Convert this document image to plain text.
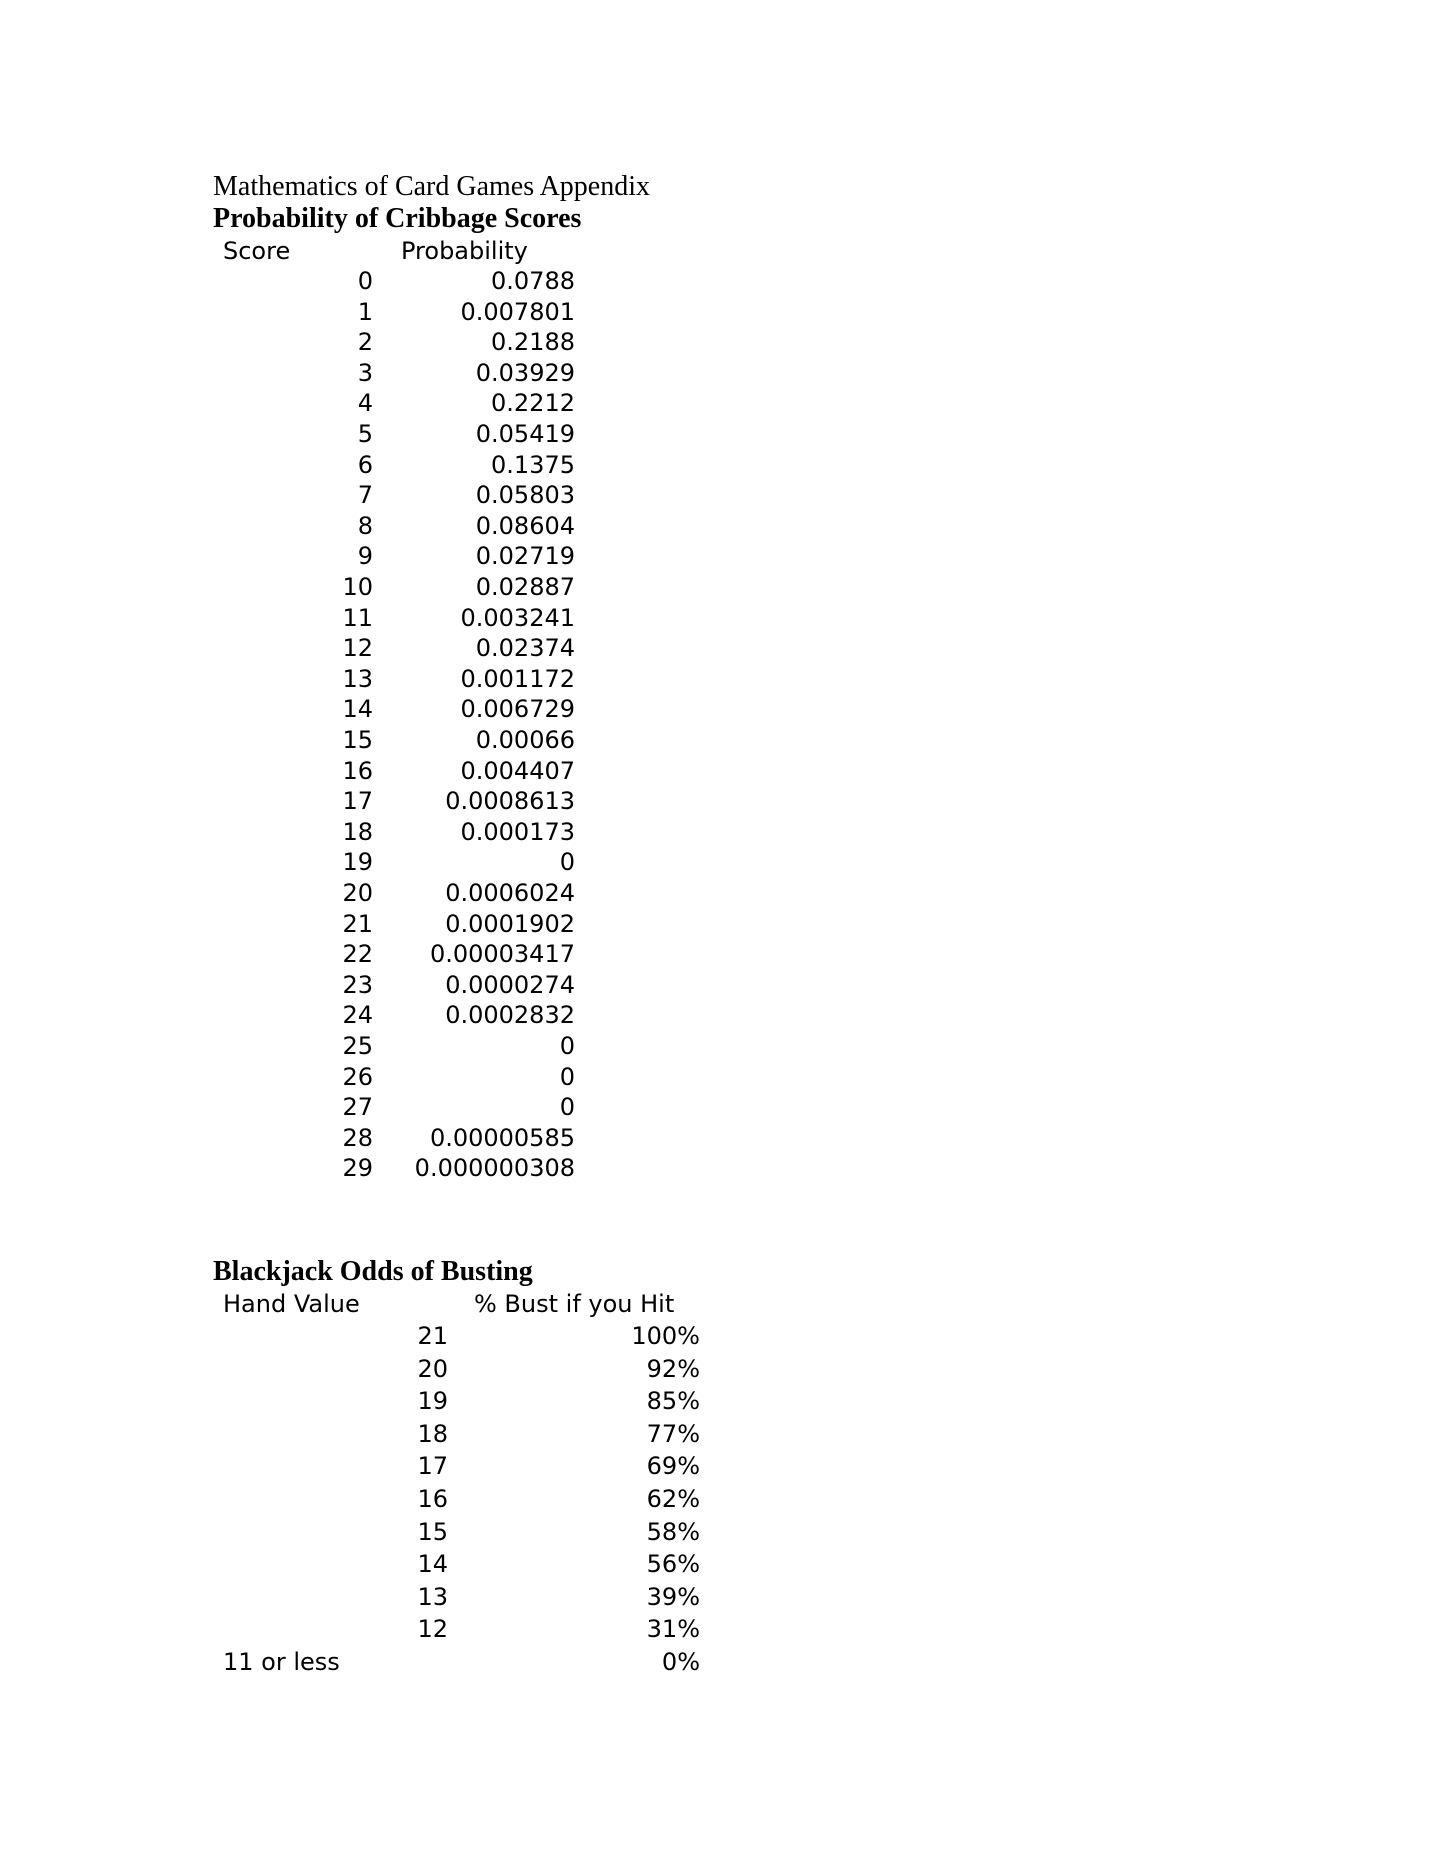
Mathematics of Card Games Appendix
Probability of Cribbage Scores
Score	Probability
0	0.0788
1	0.007801
2	0.2188
3	0.03929
4	0.2212
5	0.05419
6	0.1375
7	0.05803
8	0.08604
9	0.02719
10	0.02887
11	0.003241
12	0.02374
13	0.001172
14	0.006729
15	0.00066
16	0.004407
17	0.0008613
18	0.000173
19	0
20	0.0006024
21	0.0001902
22	0.00003417
23	0.0000274
24	0.0002832
25	0
26	0
27	0
28	0.00000585
29	0.000000308
Blackjack Odds of Busting
Hand Value	% Bust if you Hit
21	100%
20	92%
19	85%
18	77%
17	69%
16	62%
15	58%
14	56%
13	39%
12	31%
11 or less	0%
